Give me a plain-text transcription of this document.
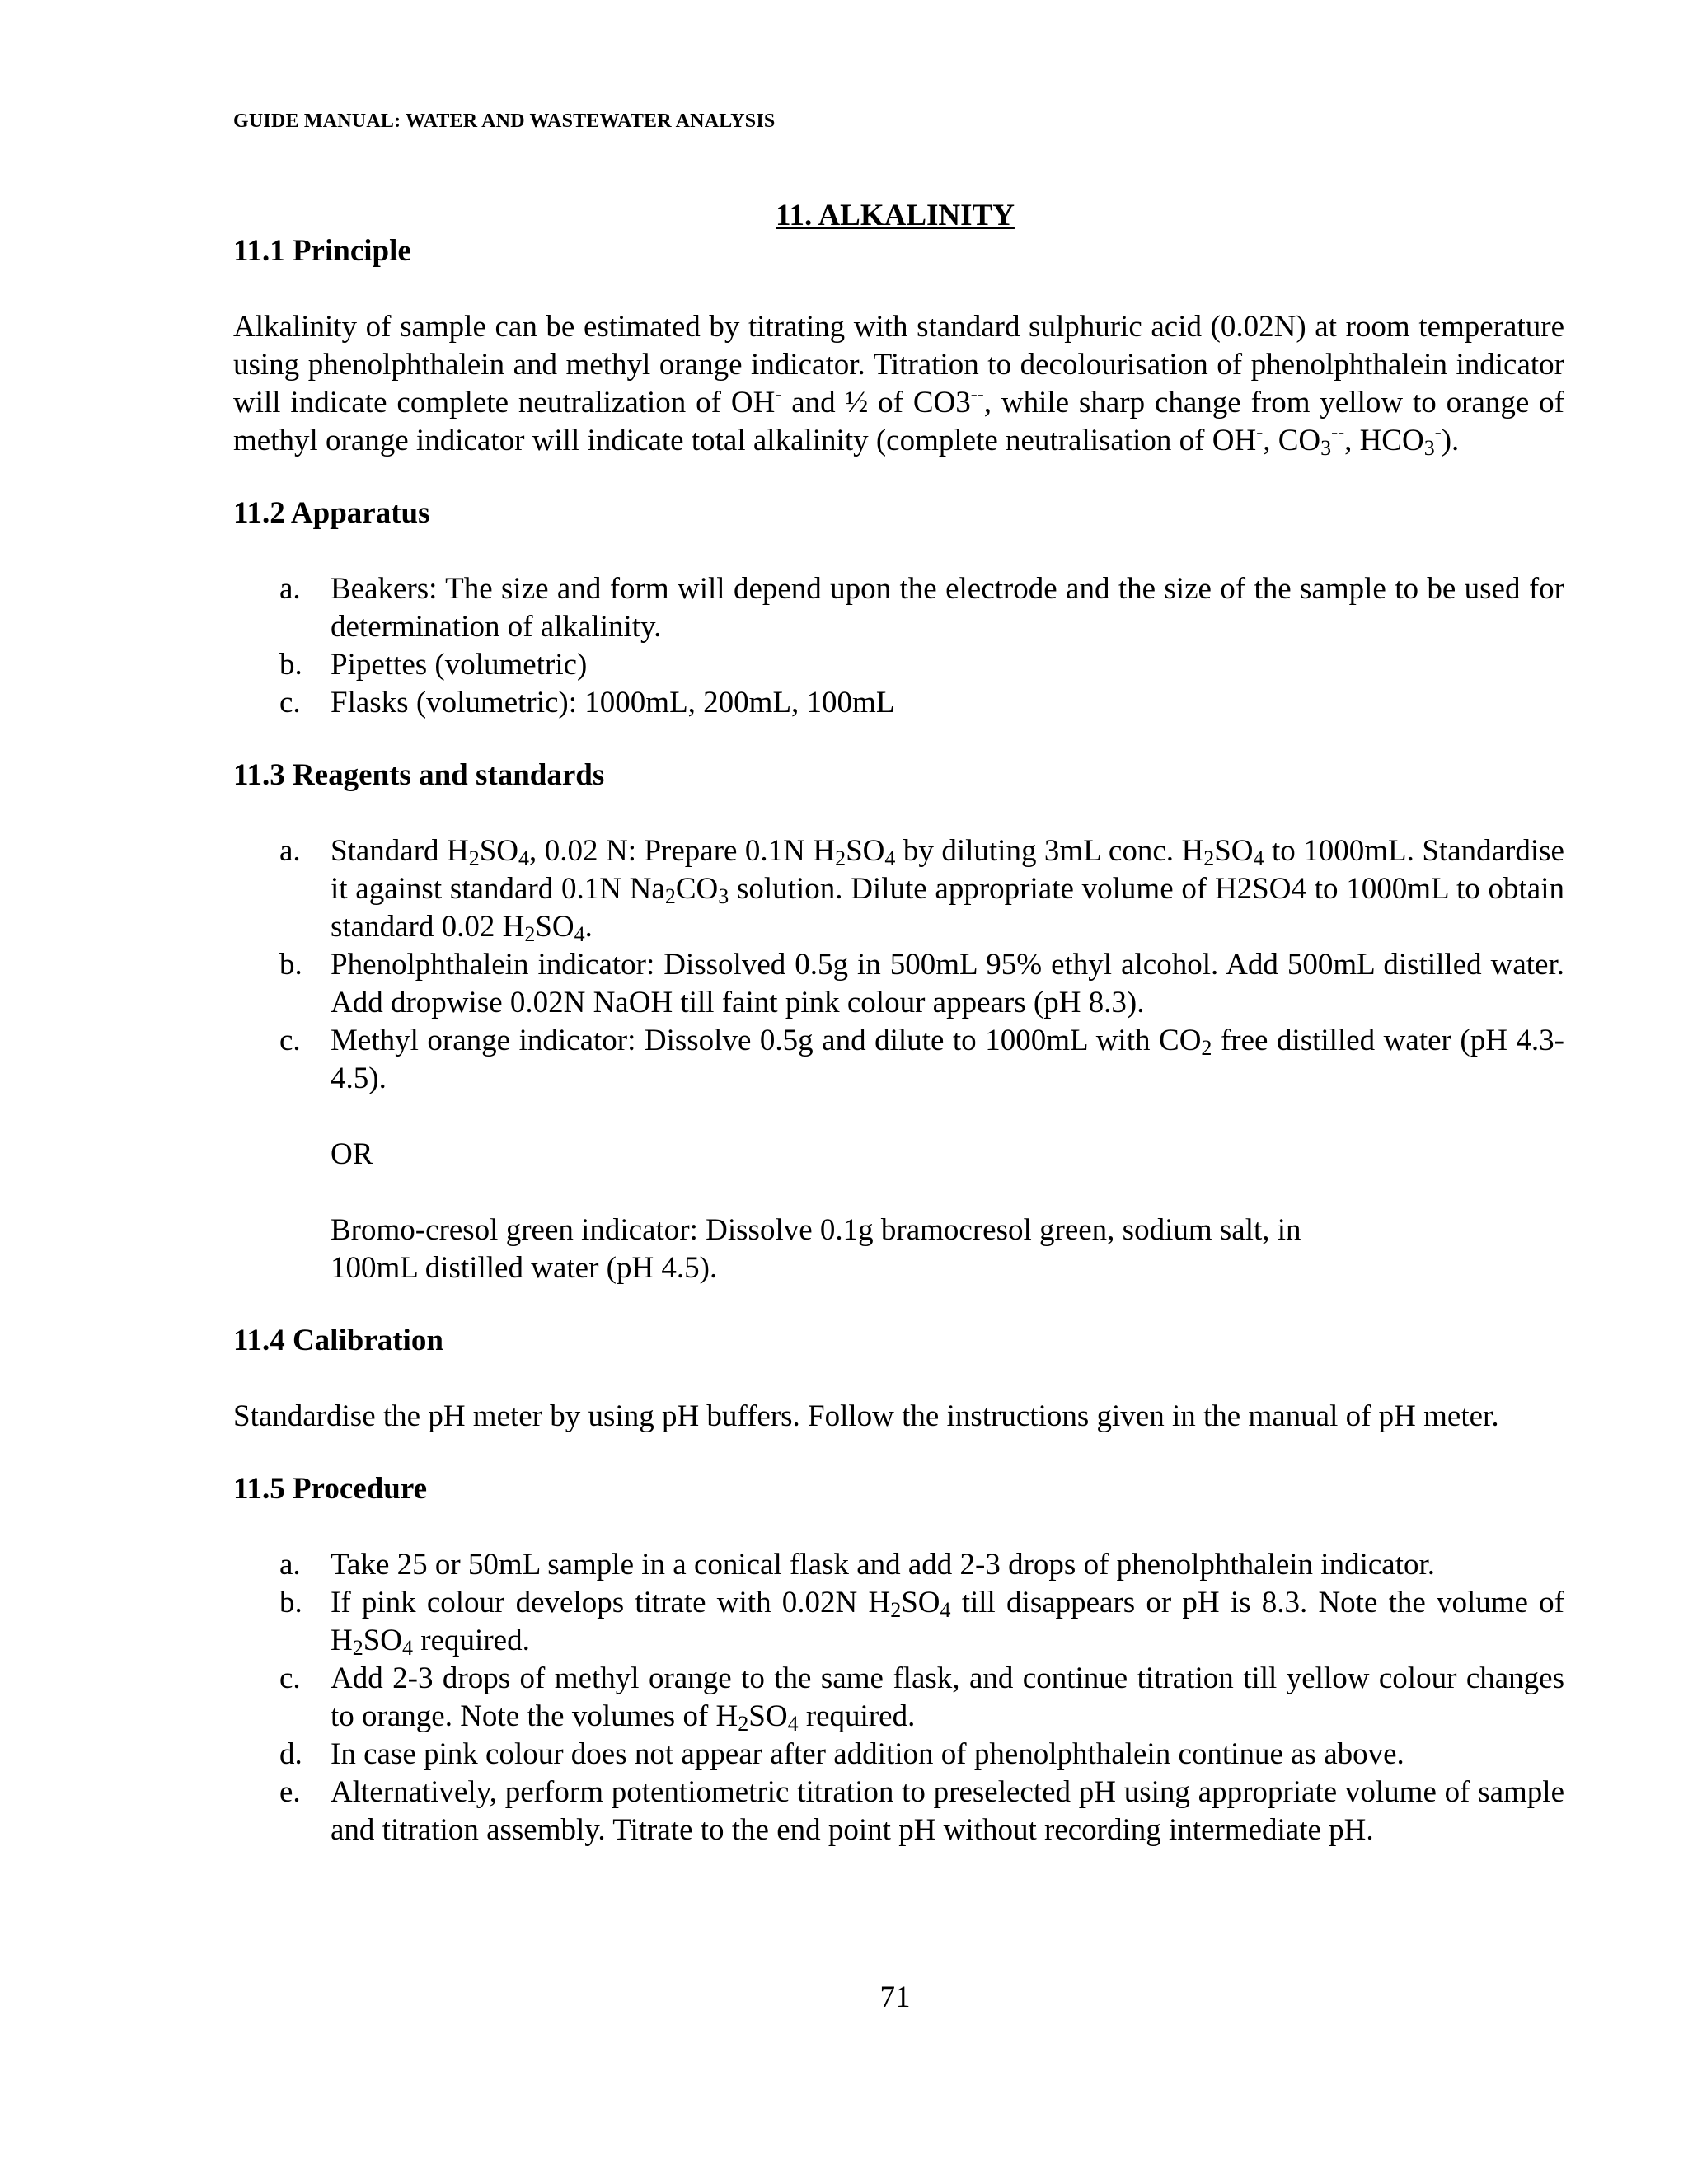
GUIDE MANUAL: WATER AND WASTEWATER ANALYSIS
11. ALKALINITY
11.1 Principle

Alkalinity of sample can be estimated by titrating with standard sulphuric acid (0.02N) at room temperature using phenolphthalein and methyl orange indicator. Titration to decolourisation of phenolphthalein indicator will indicate complete neutralization of OH- and ½ of CO3--, while sharp change from yellow to orange of methyl orange indicator will indicate total alkalinity (complete neutralisation of OH-, $CO_3^{--}$, $HCO_3^-$).

11.2 Apparatus
a. Beakers: The size and form will depend upon the electrode and the size of the sample to be used for determination of alkalinity.
b. Pipettes (volumetric)
c. Flasks (volumetric): 1000mL, 200mL, 100mL
11.3 Reagents and standards
a. Standard $H_2SO_4$, 0.02 N: Prepare 0.1N $H_2SO_4$ by diluting 3mL conc. $H_2SO_4$ to 1000mL. Standardise it against standard 0.1N $Na_2CO_3$ solution. Dilute appropriate volume of H2SO4 to 1000mL to obtain standard 0.02 $H_2SO_4$.
b. Phenolphthalein indicator: Dissolved 0.5g in 500mL 95% ethyl alcohol. Add 500mL distilled water. Add dropwise 0.02N NaOH till faint pink colour appears (pH 8.3).
c. Methyl orange indicator: Dissolve 0.5g and dilute to 1000mL with $CO_2$ free distilled water (pH 4.3-4.5).
OR
Bromo-cresol green indicator: Dissolve 0.1g bramocresol green, sodium salt, in
100mL distilled water (pH 4.5).
11.4 Calibration

Standardise the pH meter by using pH buffers. Follow the instructions given in the manual of pH meter.

11.5 Procedure
a. Take 25 or 50mL sample in a conical flask and add 2-3 drops of phenolphthalein indicator.
b. If pink colour develops titrate with 0.02N $H_2SO_4$ till disappears or pH is 8.3. Note the volume of $H_2SO_4$ required.
c. Add 2-3 drops of methyl orange to the same flask, and continue titration till yellow colour changes to orange. Note the volumes of $H_2SO_4$ required.
d. In case pink colour does not appear after addition of phenolphthalein continue as above.
e. Alternatively, perform potentiometric titration to preselected pH using appropriate volume of sample and titration assembly. Titrate to the end point pH without recording intermediate pH.
71
